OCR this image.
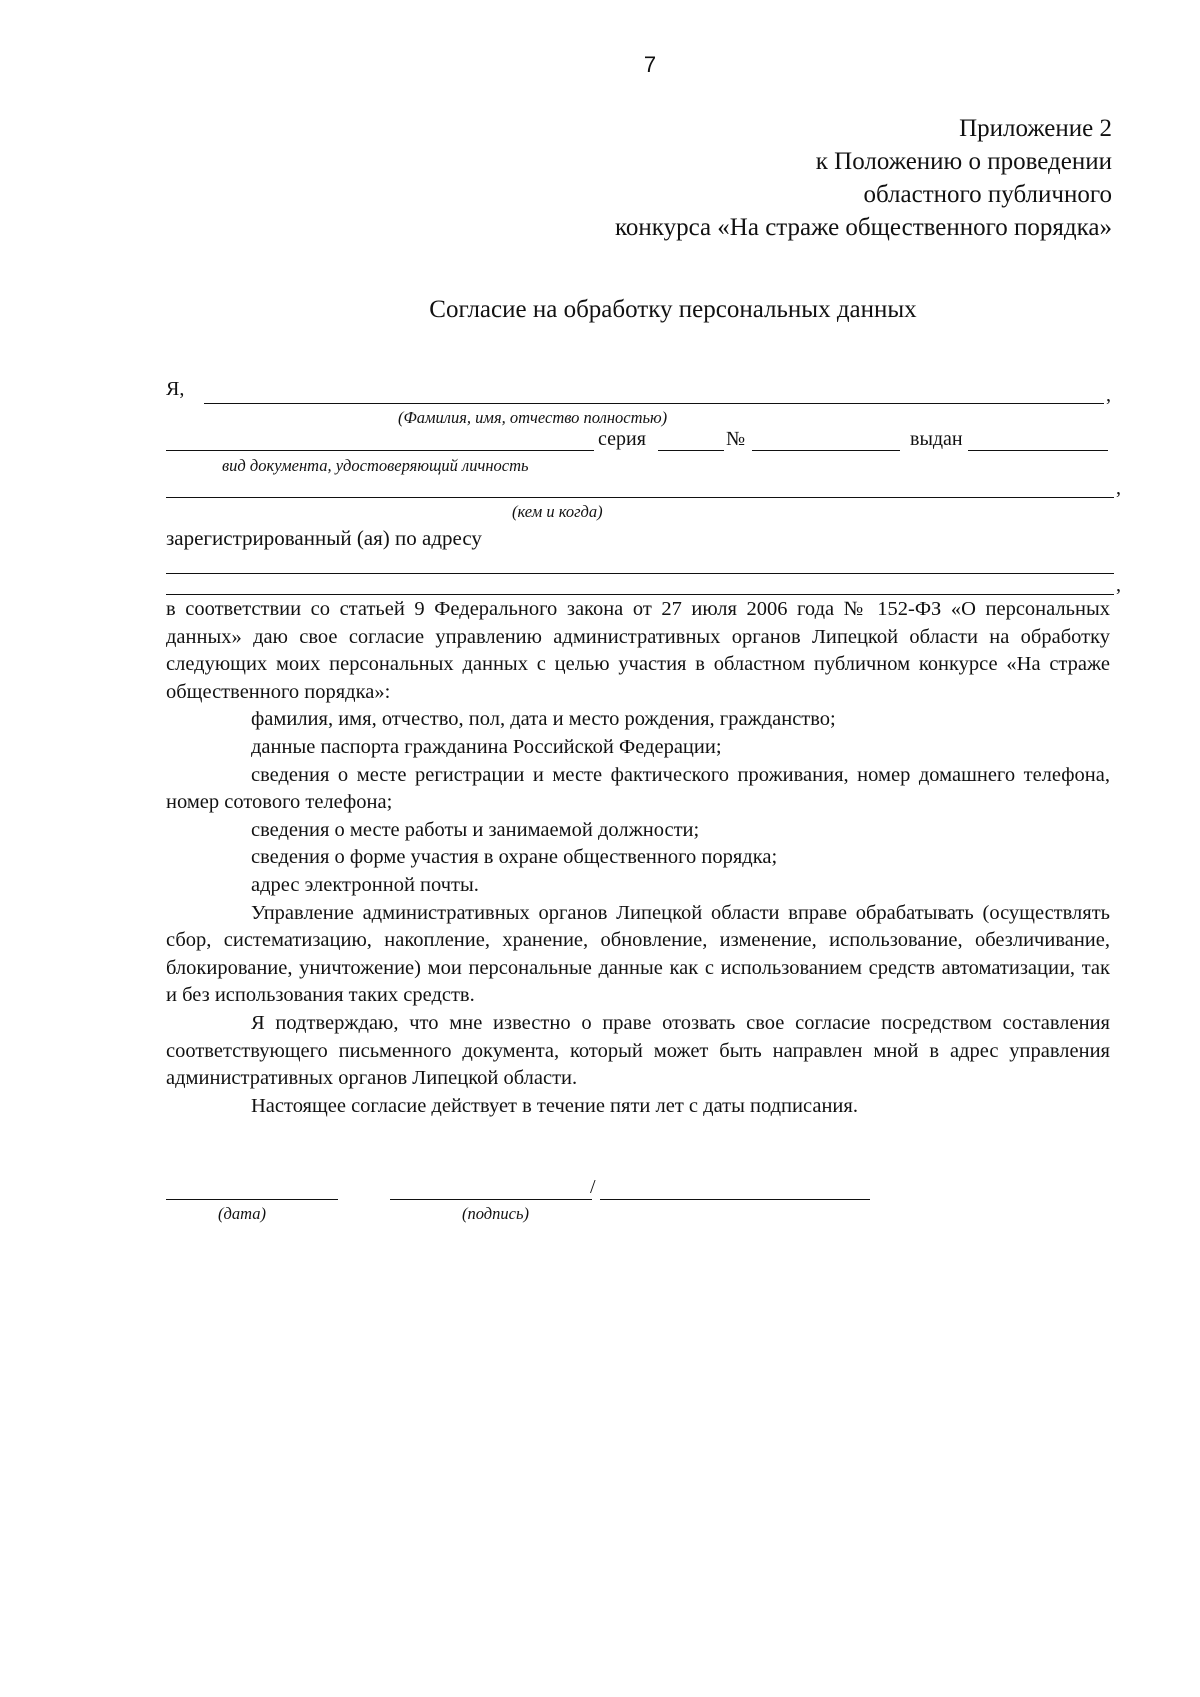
7
Приложение 2
к Положению о проведении
областного публичного
конкурса «На страже общественного порядка»
Согласие на обработку персональных данных
Я,	,
(Фамилия, имя, отчество полностью)
серия	№	выдан
вид документа, удостоверяющий личность
,
(кем и когда)
зарегистрированный (ая) по адресу
,

в соответствии со статьей 9 Федерального закона от 27 июля 2006 года № 152-ФЗ «О персональных данных» даю свое согласие управлению административных органов Липецкой области на обработку следующих моих персональных данных с целью участия в областном публичном конкурсе «На страже общественного порядка»:

фамилия, имя, отчество, пол, дата и место рождения, гражданство;

данные паспорта гражданина Российской Федерации;

сведения о месте регистрации и месте фактического проживания, номер домашнего телефона, номер сотового телефона;

сведения о месте работы и занимаемой должности;

сведения о форме участия в охране общественного порядка;

адрес электронной почты.

Управление административных органов Липецкой области вправе обрабатывать (осуществлять сбор, систематизацию, накопление, хранение, обновление, изменение, использование, обезличивание, блокирование, уничтожение) мои персональные данные как с использованием средств автоматизации, так и без использования таких средств.

Я подтверждаю, что мне известно о праве отозвать свое согласие посредством составления соответствующего письменного документа, который может быть направлен мной в адрес управления административных органов Липецкой области.

Настоящее согласие действует в течение пяти лет с даты подписания.

(дата)
/
(подпись)
